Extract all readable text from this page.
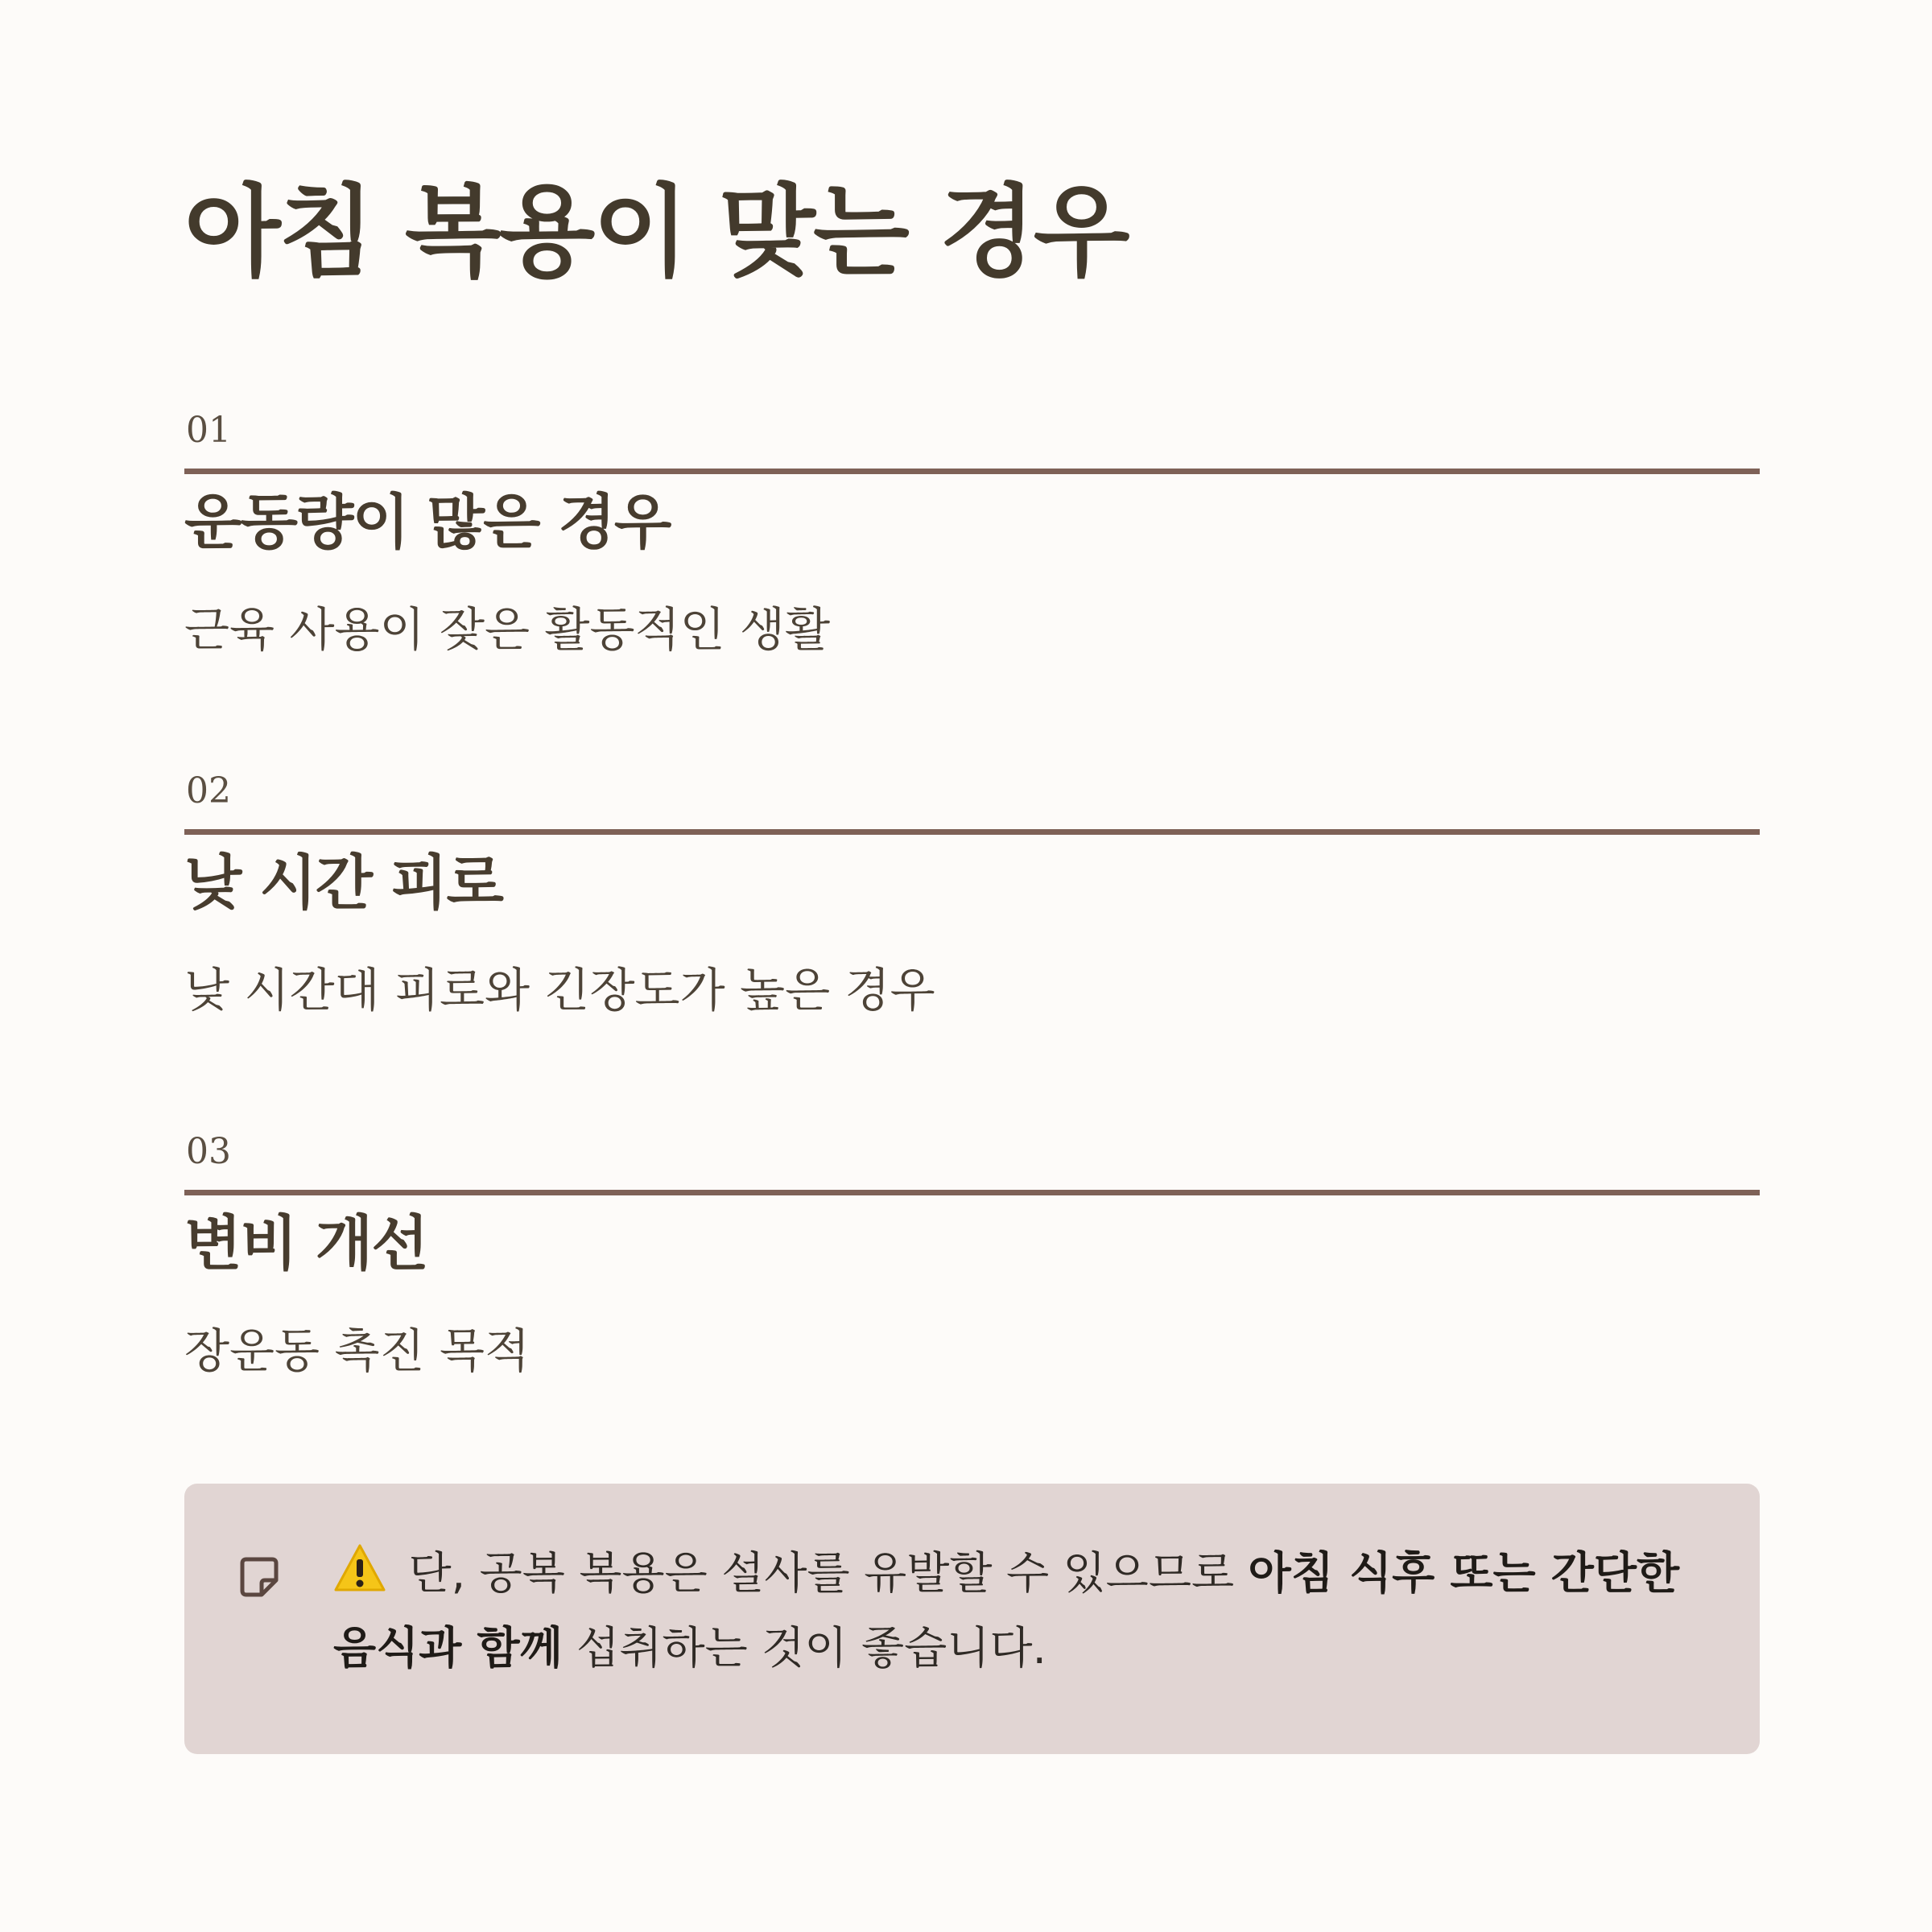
아침 복용이 맞는 경우
01
운동량이 많은 경우

근육 사용이 잦은 활동적인 생활

02
낮 시간 피로

낮 시간대 피로와 긴장도가 높은 경우

03
변비 개선

장운동 촉진 목적

단, 공복 복용은 설사를 유발할 수 있으므로 아침 식후 또는 간단한 음식과 함께 섭취하는 것이 좋습니다.
